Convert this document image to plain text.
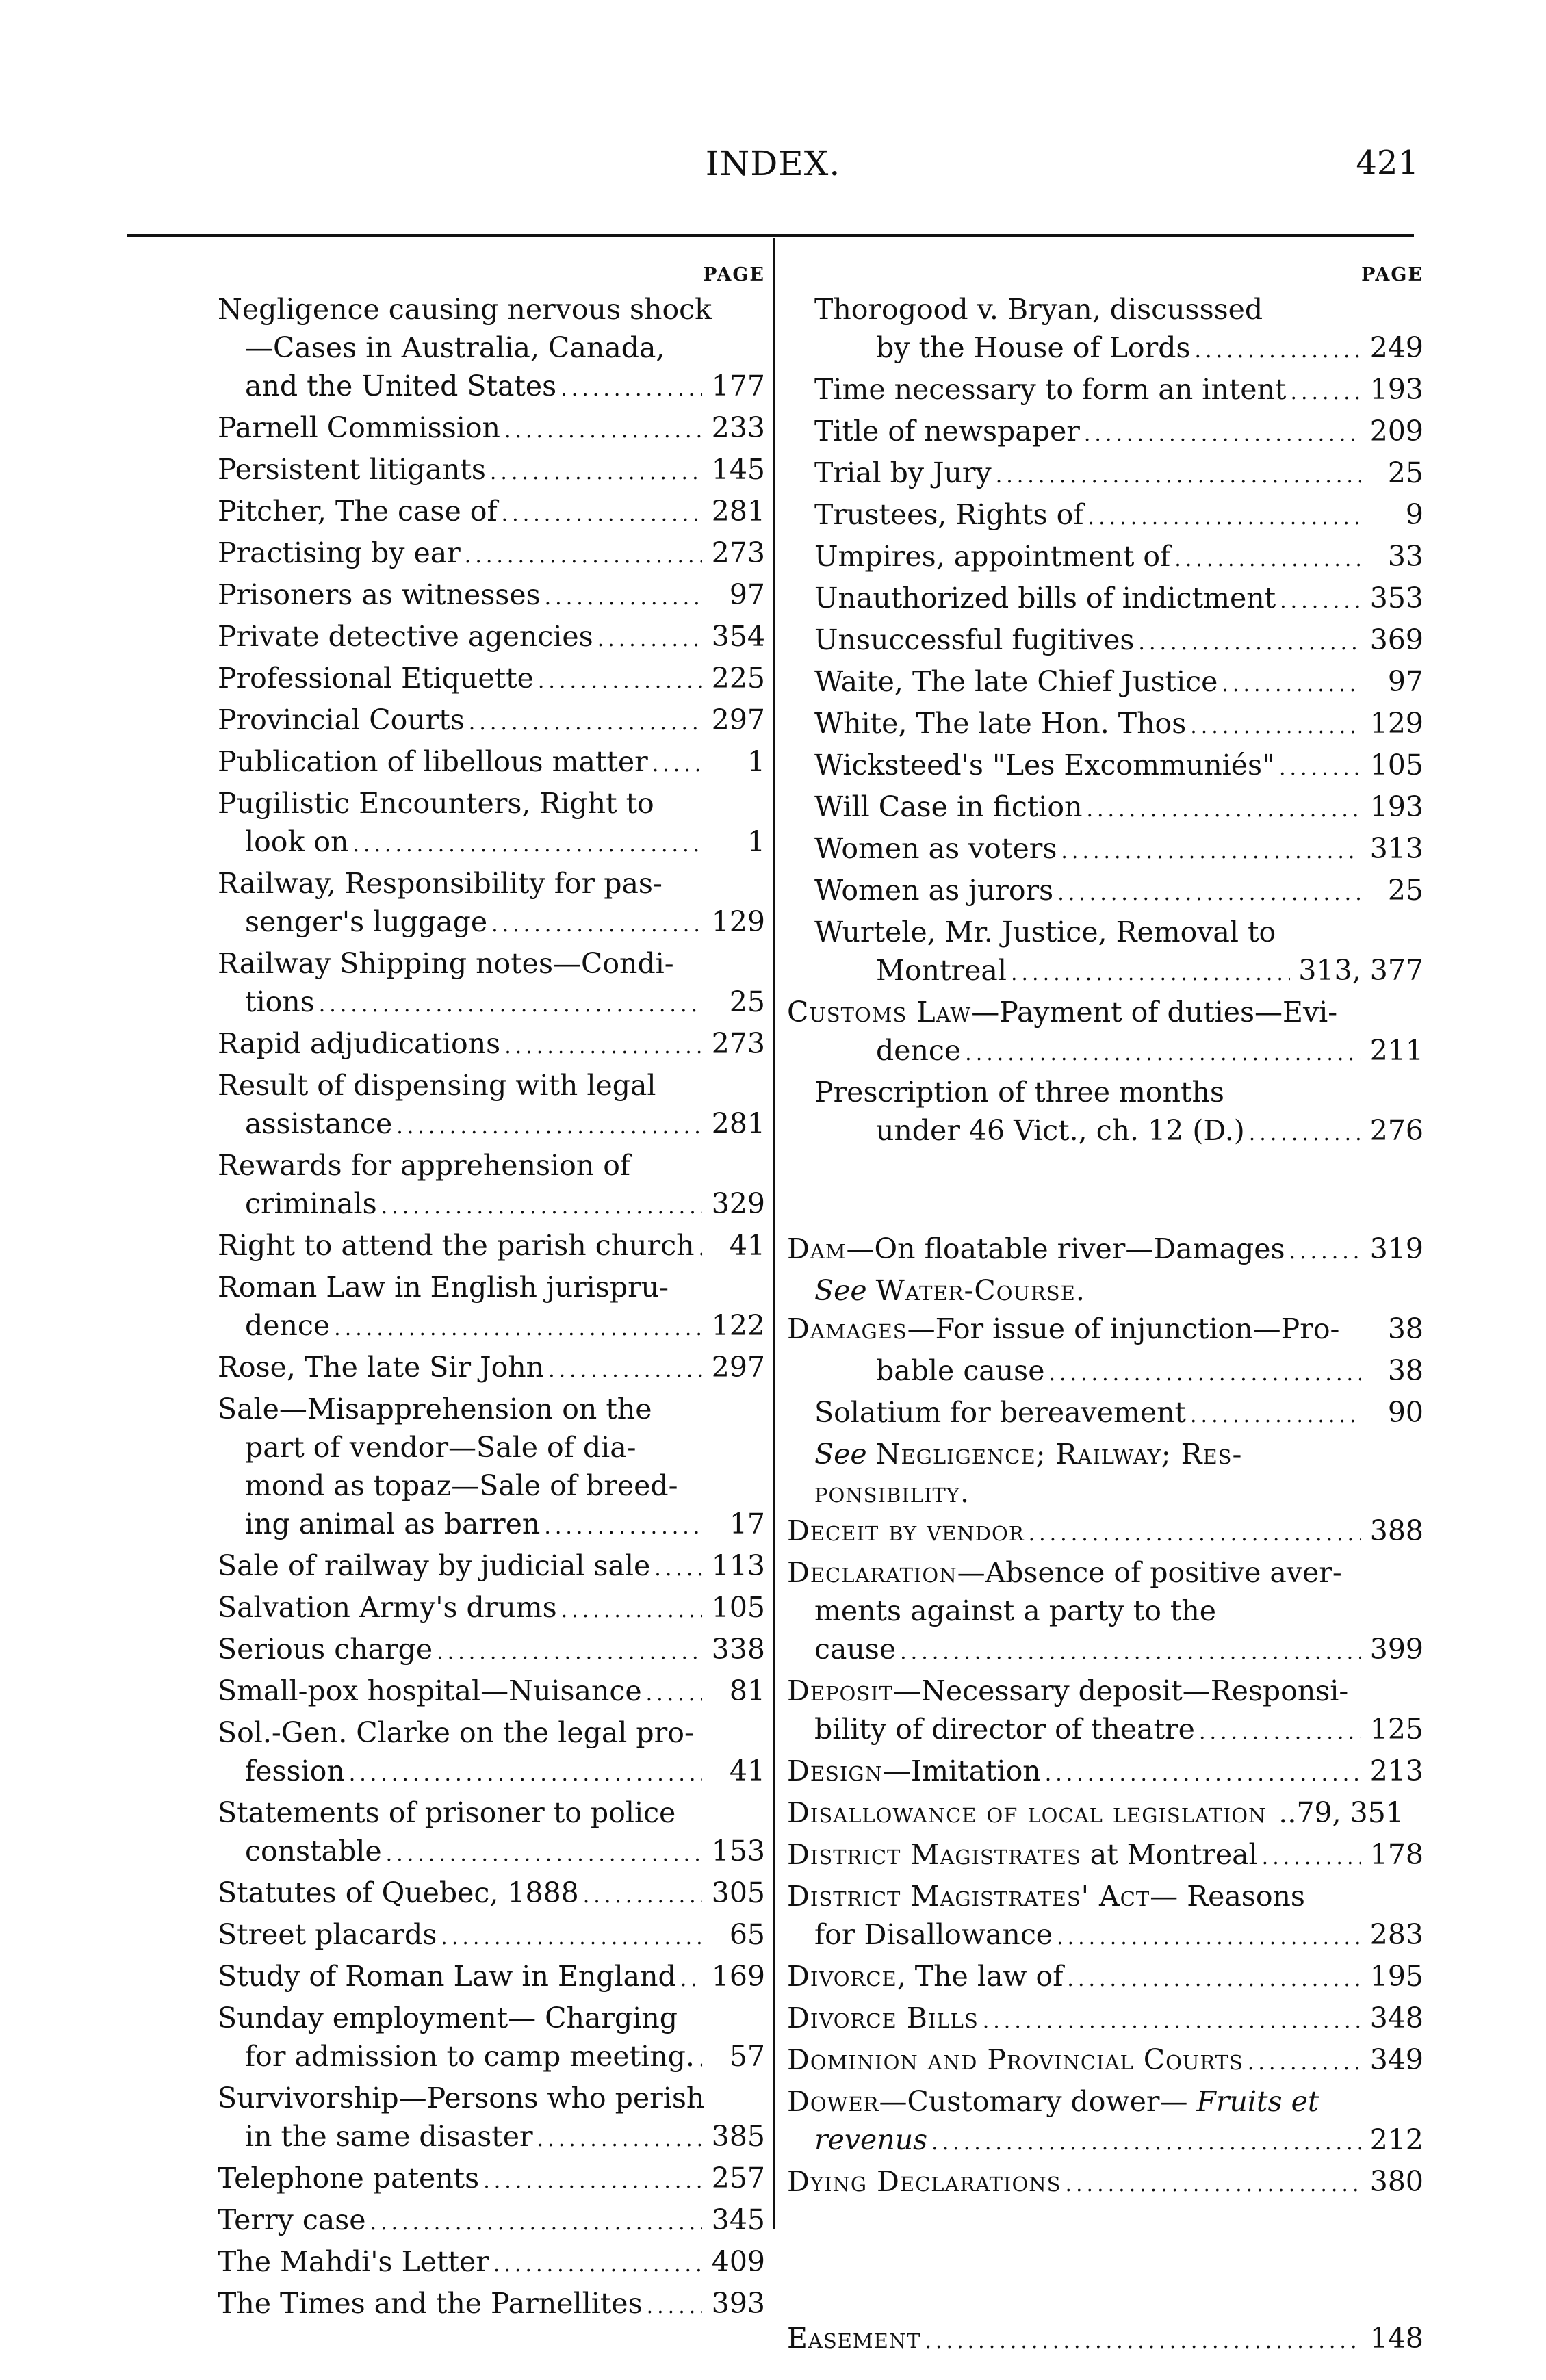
INDEX.	421
PAGE
Negligence causing nervous shock
—Cases in Australia, Canada,
and the United States .....	177
Parnell Commission .....	233
Persistent litigants .....	145
Pitcher, The case of .....	281
Practising by ear .....	273
Prisoners as witnesses .....	97
Private detective agencies .....	354
Professional Etiquette .....	225
Provincial Courts .....	297
Publication of libellous matter .....	1
Pugilistic Encounters, Right to
look on .....	1
Railway, Responsibility for pas-
senger's luggage .....	129
Railway Shipping notes—Condi-
tions .....	25
Rapid adjudications .....	273
Result of dispensing with legal
assistance .....	281
Rewards for apprehension of
criminals .....	329
Right to attend the parish church .....	41
Roman Law in English jurispru-
dence .....	122
Rose, The late Sir John .....	297
Sale—Misapprehension on the
part of vendor—Sale of dia-
mond as topaz—Sale of breed-
ing animal as barren .....	17
Sale of railway by judicial sale ..... 113
Salvation Army's drums .....	105
Serious charge .....	338
Small-pox hospital—Nuisance .....	81
Sol.-Gen. Clarke on the legal pro-
fession .....	41
Statements of prisoner to police
constable .....	153
Statutes of Quebec, 1888 .....	305
Street placards .....	65
Study of Roman Law in England ..... 169
Sunday employment— Charging
for admission to camp meeting. .....	57
Survivorship—Persons who perish
in the same disaster .....	385
Telephone patents .....	257
Terry case .....	345
The Mahdi's Letter .....	409
The Times and the Parnellites ..... 393
PAGE
Thorogood v. Bryan, discusssed
by the House of Lords .....	249
Time necessary to form an intent .....	193
Title of newspaper .....	209
Trial by Jury .....	25
Trustees, Rights of .....	9
Umpires, appointment of .....	33
Unauthorized bills of indictment .....	353
Unsuccessful fugitives .....	369
Waite, The late Chief Justice .....	97
White, The late Hon. Thos .....	129
Wicksteed's "Les Excommuniés" .....	105
Will Case in fiction .....	193
Women as voters .....	313
Women as jurors .....	25
Wurtele, Mr. Justice, Removal to
Montreal .....	313, 377
Customs Law—Payment of duties—Evi-
dence .....	211
Prescription of three months
under 46 Vict., ch. 12 (D.) .....	276
Dam—On floatable river—Damages .....	319
See Water-Course.
Damages—For issue of injunction—Pro-	38
bable cause .....	38
Solatium for bereavement .....	90
See Negligence; Railway; Res-
ponsibility.
Deceit by vendor .....	388
Declaration—Absence of positive aver-
ments against a party to the
cause .....	399
Deposit—Necessary deposit—Responsi-
bility of director of theatre .....	125
Design—Imitation .....	213
Disallowance of local legislation ..79, 351
District Magistrates at Montreal .....	178
District Magistrates' Act— Reasons
for Disallowance .....	283
Divorce, The law of .....	195
Divorce Bills .....	348
Dominion and Provincial Courts .....	349
Dower—Customary dower— Fruits et
revenus .....	212
Dying Declarations .....	380
Easement .....	148
